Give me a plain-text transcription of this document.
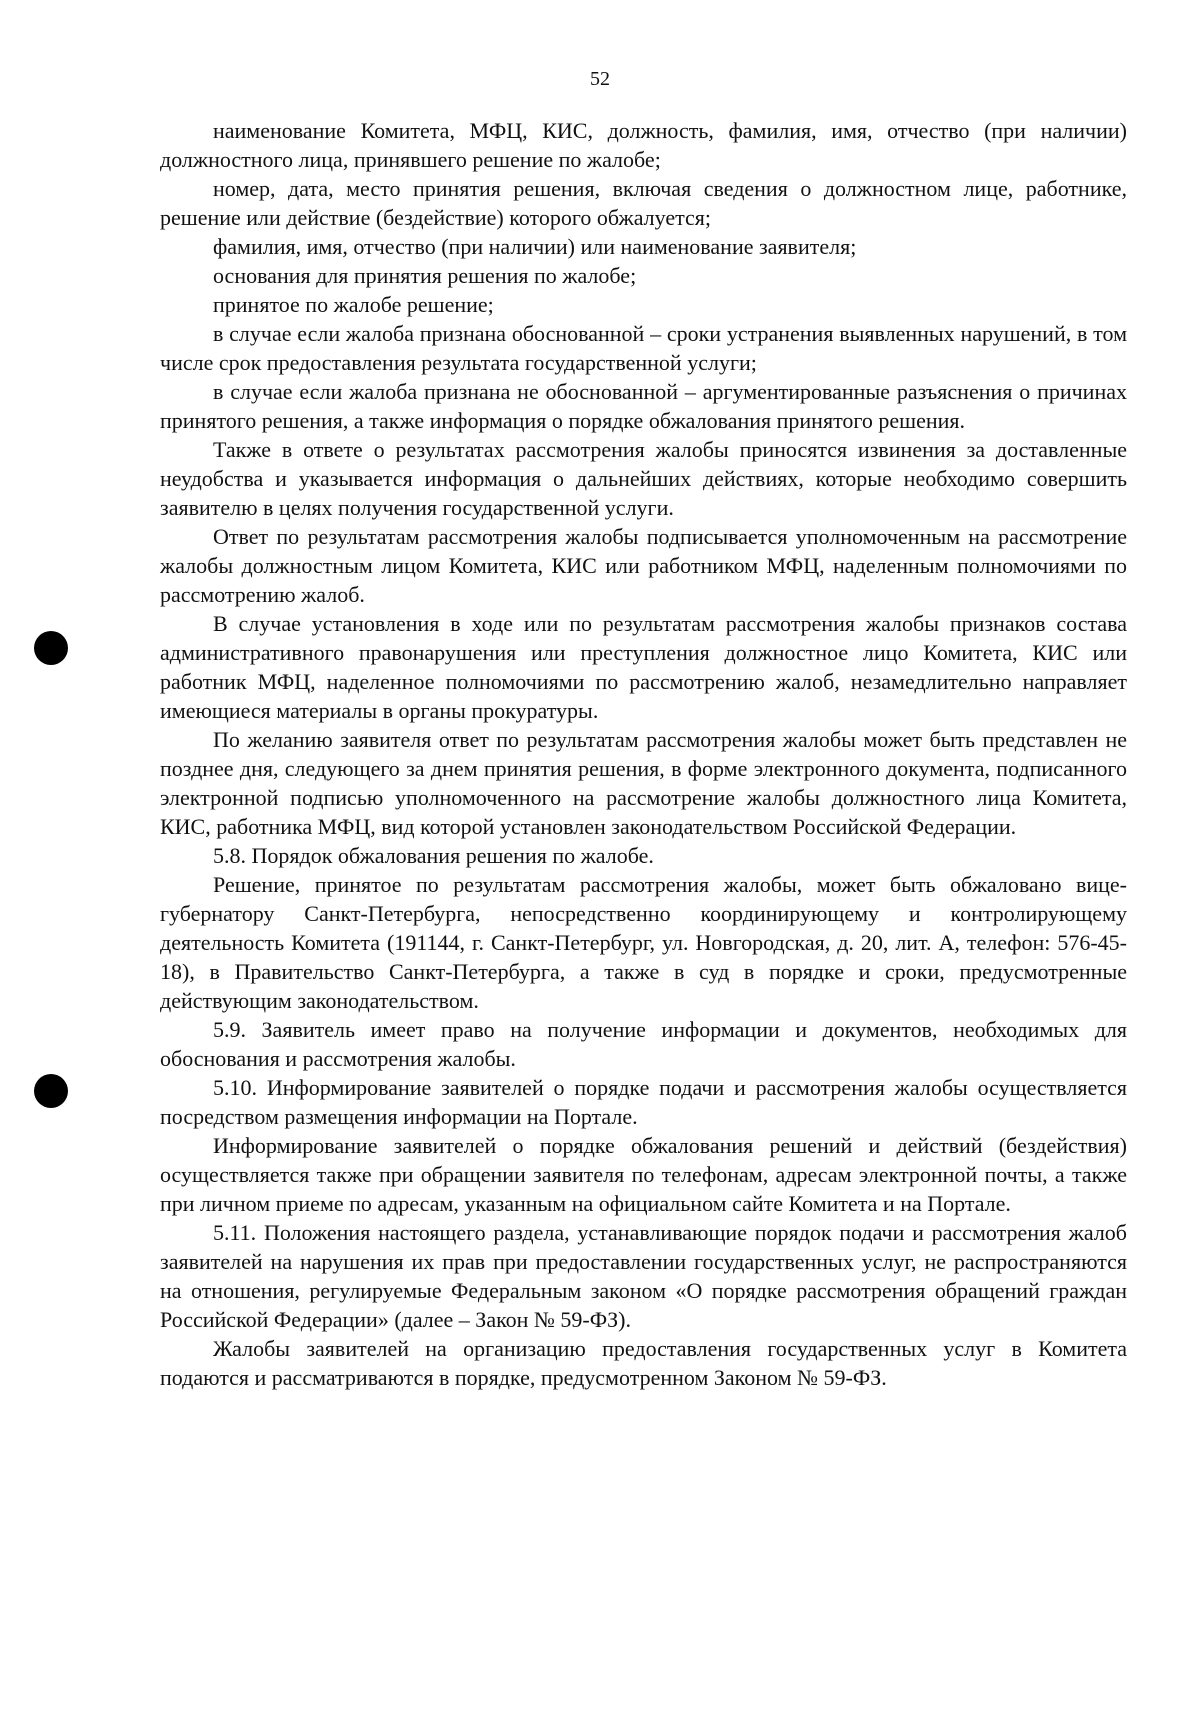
52

наименование Комитета, МФЦ, КИС, должность, фамилия, имя, отчество (при наличии) должностного лица, принявшего решение по жалобе;

номер, дата, место принятия решения, включая сведения о должностном лице, работнике, решение или действие (бездействие) которого обжалуется;

фамилия, имя, отчество (при наличии) или наименование заявителя;

основания для принятия решения по жалобе;

принятое по жалобе решение;

в случае если жалоба признана обоснованной – сроки устранения выявленных нарушений, в том числе срок предоставления результата государственной услуги;

в случае если жалоба признана не обоснованной – аргументированные разъяснения о причинах принятого решения, а также информация о порядке обжалования принятого решения.

Также в ответе о результатах рассмотрения жалобы приносятся извинения за доставленные неудобства и указывается информация о дальнейших действиях, которые необходимо совершить заявителю в целях получения государственной услуги.

Ответ по результатам рассмотрения жалобы подписывается уполномоченным на рассмотрение жалобы должностным лицом Комитета, КИС или работником МФЦ, наделенным полномочиями по рассмотрению жалоб.

В случае установления в ходе или по результатам рассмотрения жалобы признаков состава административного правонарушения или преступления должностное лицо Комитета, КИС или работник МФЦ, наделенное полномочиями по рассмотрению жалоб, незамедлительно направляет имеющиеся материалы в органы прокуратуры.

По желанию заявителя ответ по результатам рассмотрения жалобы может быть представлен не позднее дня, следующего за днем принятия решения, в форме электронного документа, подписанного электронной подписью уполномоченного на рассмотрение жалобы должностного лица Комитета, КИС, работника МФЦ, вид которой установлен законодательством Российской Федерации.

5.8. Порядок обжалования решения по жалобе.

Решение, принятое по результатам рассмотрения жалобы, может быть обжаловано вице-губернатору Санкт-Петербурга, непосредственно координирующему и контролирующему деятельность Комитета (191144, г. Санкт-Петербург, ул. Новгородская, д. 20, лит. А, телефон: 576-45-18), в Правительство Санкт-Петербурга, а также в суд в порядке и сроки, предусмотренные действующим законодательством.

5.9. Заявитель имеет право на получение информации и документов, необходимых для обоснования и рассмотрения жалобы.

5.10. Информирование заявителей о порядке подачи и рассмотрения жалобы осуществляется посредством размещения информации на Портале.

Информирование заявителей о порядке обжалования решений и действий (бездействия) осуществляется также при обращении заявителя по телефонам, адресам электронной почты, а также при личном приеме по адресам, указанным на официальном сайте Комитета и на Портале.

5.11. Положения настоящего раздела, устанавливающие порядок подачи и рассмотрения жалоб заявителей на нарушения их прав при предоставлении государственных услуг, не распространяются на отношения, регулируемые Федеральным законом «О порядке рассмотрения обращений граждан Российской Федерации» (далее – Закон № 59-ФЗ).

Жалобы заявителей на организацию предоставления государственных услуг в Комитета подаются и рассматриваются в порядке, предусмотренном Законом № 59-ФЗ.
